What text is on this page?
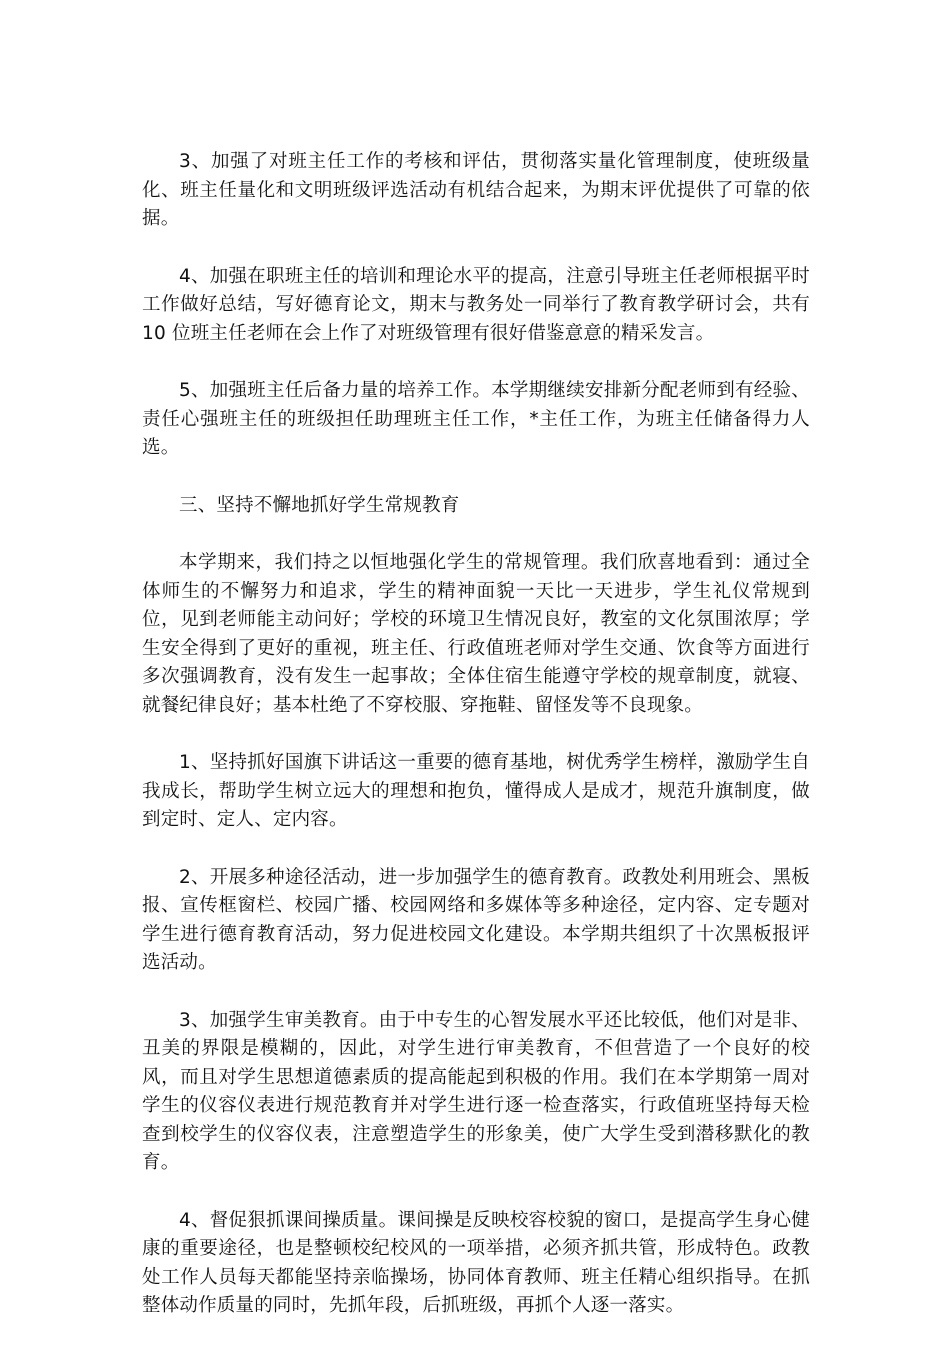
3、加强了对班主任工作的考核和评估，贯彻落实量化管理制度，使班级量化、班主任量化和文明班级评选活动有机结合起来，为期末评优提供了可靠的依据。

4、加强在职班主任的培训和理论水平的提高，注意引导班主任老师根据平时工作做好总结，写好德育论文，期末与教务处一同举行了教育教学研讨会，共有 10 位班主任老师在会上作了对班级管理有很好借鉴意意的精采发言。

5、加强班主任后备力量的培养工作。本学期继续安排新分配老师到有经验、责任心强班主任的班级担任助理班主任工作，*主任工作，为班主任储备得力人选。

三、坚持不懈地抓好学生常规教育

本学期来，我们持之以恒地强化学生的常规管理。我们欣喜地看到：通过全体师生的不懈努力和追求，学生的精神面貌一天比一天进步，学生礼仪常规到位，见到老师能主动问好；学校的环境卫生情况良好，教室的文化氛围浓厚；学生安全得到了更好的重视，班主任、行政值班老师对学生交通、饮食等方面进行多次强调教育，没有发生一起事故；全体住宿生能遵守学校的规章制度，就寝、就餐纪律良好；基本杜绝了不穿校服、穿拖鞋、留怪发等不良现象。

1、坚持抓好国旗下讲话这一重要的德育基地，树优秀学生榜样，激励学生自我成长，帮助学生树立远大的理想和抱负，懂得成人是成才，规范升旗制度，做到定时、定人、定内容。

2、开展多种途径活动，进一步加强学生的德育教育。政教处利用班会、黑板报、宣传框窗栏、校园广播、校园网络和多媒体等多种途径，定内容、定专题对学生进行德育教育活动，努力促进校园文化建设。本学期共组织了十次黑板报评选活动。

3、加强学生审美教育。由于中专生的心智发展水平还比较低，他们对是非、丑美的界限是模糊的，因此，对学生进行审美教育，不但营造了一个良好的校风，而且对学生思想道德素质的提高能起到积极的作用。我们在本学期第一周对学生的仪容仪表进行规范教育并对学生进行逐一检查落实，行政值班坚持每天检查到校学生的仪容仪表，注意塑造学生的形象美，使广大学生受到潜移默化的教育。

4、督促狠抓课间操质量。课间操是反映校容校貌的窗口，是提高学生身心健康的重要途径，也是整顿校纪校风的一项举措，必须齐抓共管，形成特色。政教处工作人员每天都能坚持亲临操场，协同体育教师、班主任精心组织指导。在抓整体动作质量的同时，先抓年段，后抓班级，再抓个人逐一落实。
